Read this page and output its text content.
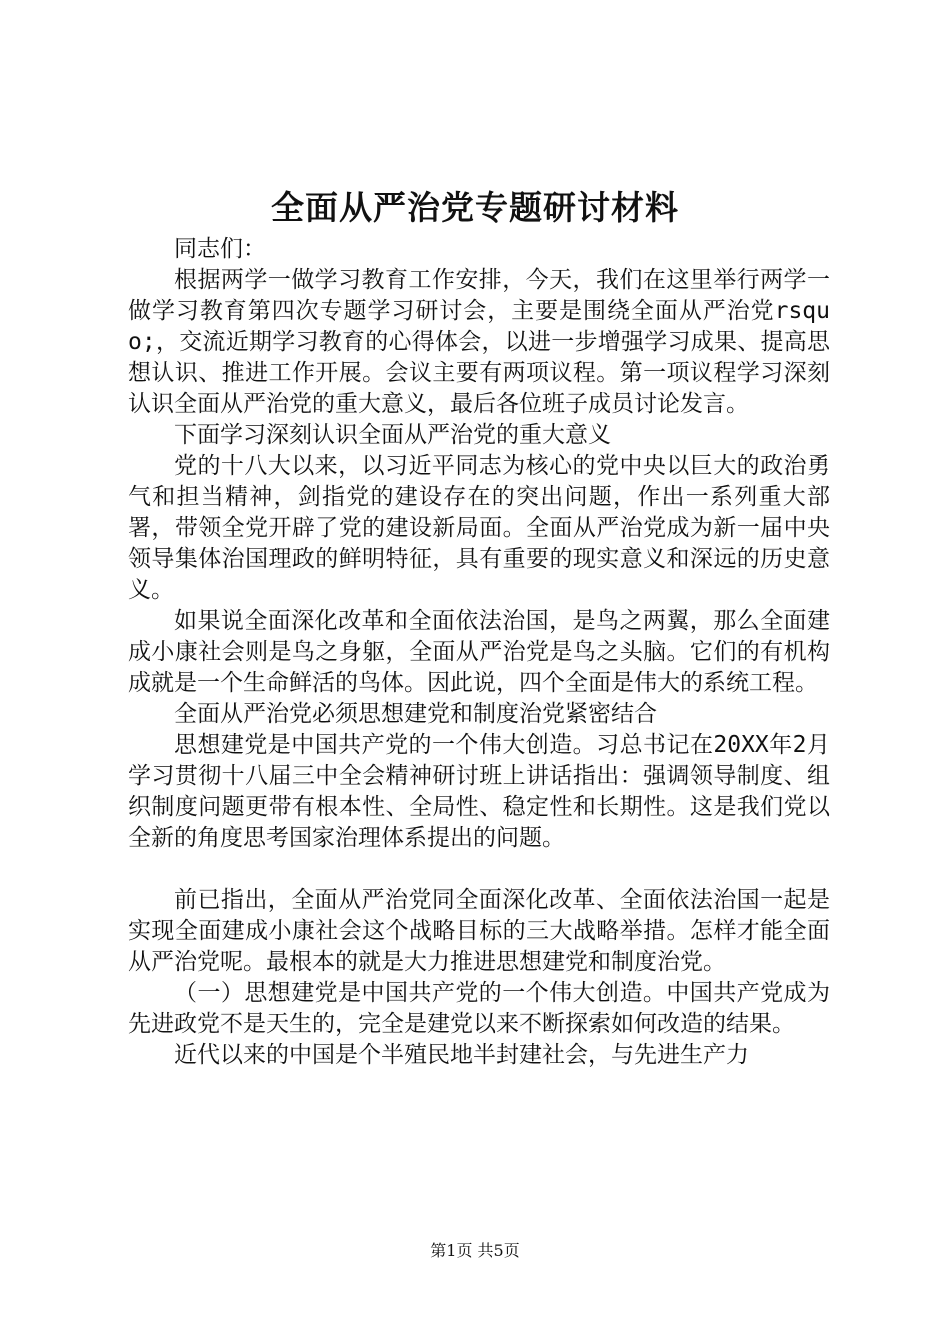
全面从严治党专题研讨材料

同志们：

根据两学一做学习教育工作安排，今天，我们在这里举行两学一做学习教育第四次专题学习研讨会，主要是围绕全面从严治党rsquo;，交流近期学习教育的心得体会，以进一步增强学习成果、提高思想认识、推进工作开展。会议主要有两项议程。第一项议程学习深刻认识全面从严治党的重大意义，最后各位班子成员讨论发言。

下面学习深刻认识全面从严治党的重大意义

党的十八大以来，以习近平同志为核心的党中央以巨大的政治勇气和担当精神，剑指党的建设存在的突出问题，作出一系列重大部署，带领全党开辟了党的建设新局面。全面从严治党成为新一届中央领导集体治国理政的鲜明特征，具有重要的现实意义和深远的历史意义。

如果说全面深化改革和全面依法治国，是鸟之两翼，那么全面建成小康社会则是鸟之身躯，全面从严治党是鸟之头脑。它们的有机构成就是一个生命鲜活的鸟体。因此说，四个全面是伟大的系统工程。

全面从严治党必须思想建党和制度治党紧密结合

思想建党是中国共产党的一个伟大创造。习总书记在20XX年2月学习贯彻十八届三中全会精神研讨班上讲话指出：强调领导制度、组织制度问题更带有根本性、全局性、稳定性和长期性。这是我们党以全新的角度思考国家治理体系提出的问题。

前已指出，全面从严治党同全面深化改革、全面依法治国一起是实现全面建成小康社会这个战略目标的三大战略举措。怎样才能全面从严治党呢。最根本的就是大力推进思想建党和制度治党。

（一）思想建党是中国共产党的一个伟大创造。中国共产党成为先进政党不是天生的，完全是建党以来不断探索如何改造的结果。

近代以来的中国是个半殖民地半封建社会，与先进生产力

第1页 共5页
